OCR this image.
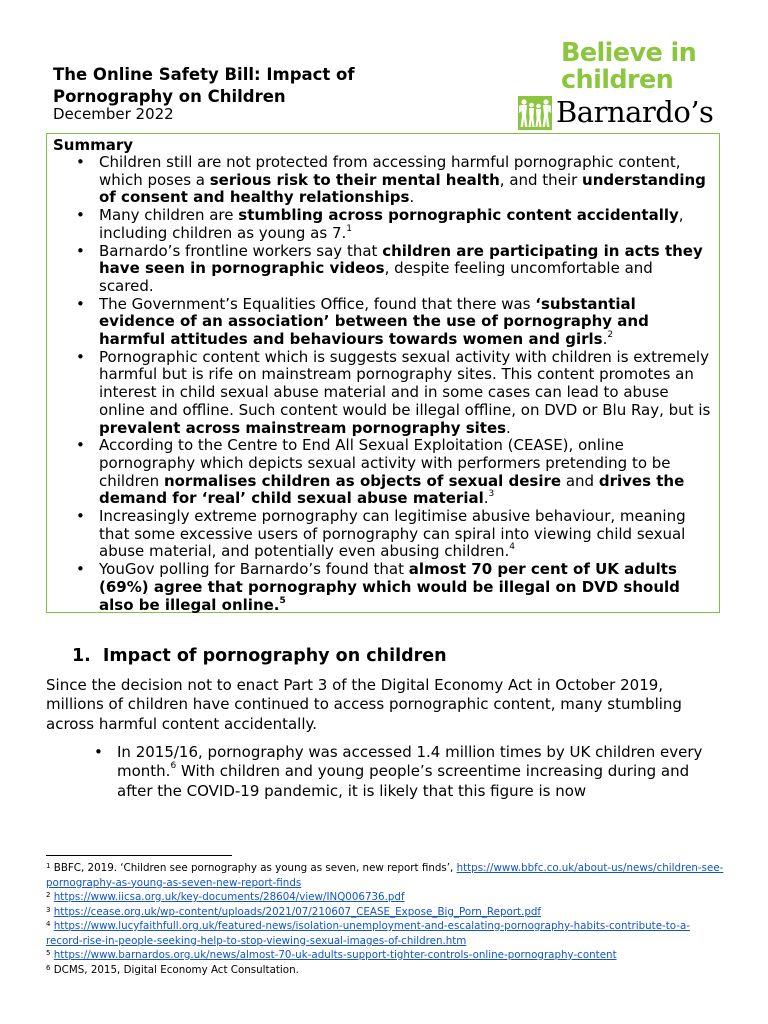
The Online Safety Bill: Impact of Pornography on Children
December 2022
Believe in
children
Barnardo’s
Summary
• Children still are not protected from accessing harmful pornographic content, which poses a serious risk to their mental health, and their understanding of consent and healthy relationships.
• Many children are stumbling across pornographic content accidentally, including children as young as 7.$^1$
• Barnardo’s frontline workers say that children are participating in acts they have seen in pornographic videos, despite feeling uncomfortable and scared.
• The Government’s Equalities Office, found that there was ‘substantial evidence of an association’ between the use of pornography and harmful attitudes and behaviours towards women and girls.$^2$
• Pornographic content which is suggests sexual activity with children is extremely harmful but is rife on mainstream pornography sites. This content promotes an interest in child sexual abuse material and in some cases can lead to abuse online and offline. Such content would be illegal offline, on DVD or Blu Ray, but is prevalent across mainstream pornography sites.
• According to the Centre to End All Sexual Exploitation (CEASE), online pornography which depicts sexual activity with performers pretending to be children normalises children as objects of sexual desire and drives the demand for ‘real’ child sexual abuse material.$^3$
• Increasingly extreme pornography can legitimise abusive behaviour, meaning that some excessive users of pornography can spiral into viewing child sexual abuse material, and potentially even abusing children.$^4$
• YouGov polling for Barnardo’s found that almost 70 per cent of UK adults (69%) agree that pornography which would be illegal on DVD should also be illegal online.$^5$
1. Impact of pornography on children
Since the decision not to enact Part 3 of the Digital Economy Act in October 2019, millions of children have continued to access pornographic content, many stumbling across harmful content accidentally.
• In 2015/16, pornography was accessed 1.4 million times by UK children every month.$^6$ With children and young people’s screentime increasing during and after the COVID-19 pandemic, it is likely that this figure is now

$^1$ BBFC, 2019. ‘Children see pornography as young as seven, new report finds’, https://www.bbfc.co.uk/about-us/news/children-see-pornography-as-young-as-seven-new-report-finds

$^2$ https://www.iicsa.org.uk/key-documents/28604/view/INQ006736.pdf

$^3$ https://cease.org.uk/wp-content/uploads/2021/07/210607_CEASE_Expose_Big_Porn_Report.pdf

$^4$ https://www.lucyfaithfull.org.uk/featured-news/isolation-unemployment-and-escalating-pornography-habits-contribute-to-a-record-rise-in-people-seeking-help-to-stop-viewing-sexual-images-of-children.htm

$^5$ https://www.barnardos.org.uk/news/almost-70-uk-adults-support-tighter-controls-online-pornography-content

$^6$ DCMS, 2015, Digital Economy Act Consultation.
